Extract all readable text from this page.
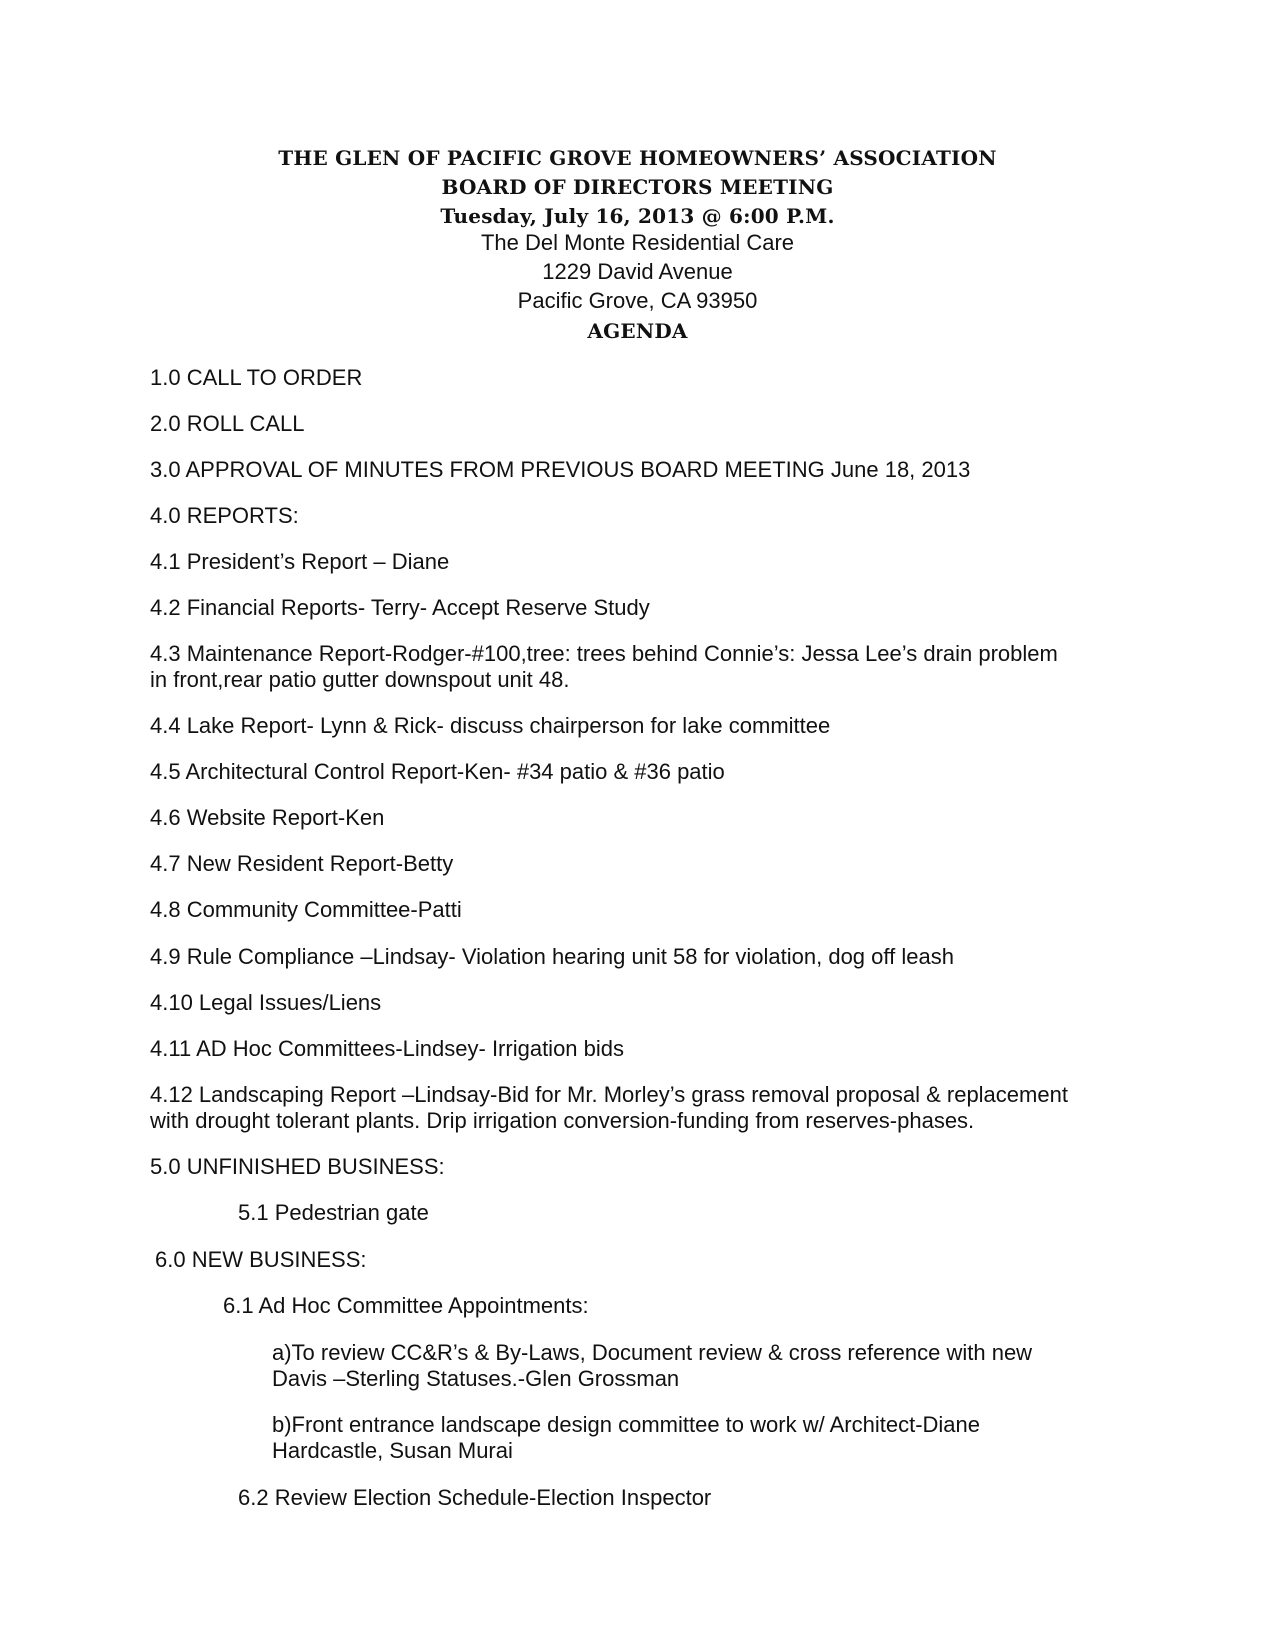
THE GLEN OF PACIFIC GROVE HOMEOWNERS’ ASSOCIATION
BOARD OF DIRECTORS MEETING
Tuesday, July 16, 2013 @ 6:00 P.M.
The Del Monte Residential Care
1229 David Avenue
Pacific Grove, CA 93950
AGENDA
1.0 CALL TO ORDER
2.0 ROLL CALL
3.0 APPROVAL OF MINUTES FROM PREVIOUS BOARD MEETING June 18, 2013
4.0 REPORTS:
4.1 President’s Report – Diane
4.2 Financial Reports- Terry- Accept Reserve Study
4.3 Maintenance Report-Rodger-#100,tree: trees behind Connie’s: Jessa Lee’s drain problem
in front,rear patio gutter downspout unit 48.
4.4 Lake Report- Lynn & Rick- discuss chairperson for lake committee
4.5 Architectural Control Report-Ken- #34 patio & #36 patio
4.6 Website Report-Ken
4.7 New Resident Report-Betty
4.8 Community Committee-Patti
4.9 Rule Compliance –Lindsay- Violation hearing unit 58 for violation, dog off leash
4.10 Legal Issues/Liens
4.11 AD Hoc Committees-Lindsey- Irrigation bids
4.12 Landscaping Report –Lindsay-Bid for Mr. Morley’s grass removal proposal & replacement
with drought tolerant plants. Drip irrigation conversion-funding from reserves-phases.
5.0 UNFINISHED BUSINESS:
5.1 Pedestrian gate
6.0 NEW BUSINESS:
6.1 Ad Hoc Committee Appointments:
a)To review CC&R’s & By-Laws, Document review & cross reference with new
Davis –Sterling Statuses.-Glen Grossman
b)Front entrance landscape design committee to work w/ Architect-Diane
Hardcastle, Susan Murai
6.2 Review Election Schedule-Election Inspector
